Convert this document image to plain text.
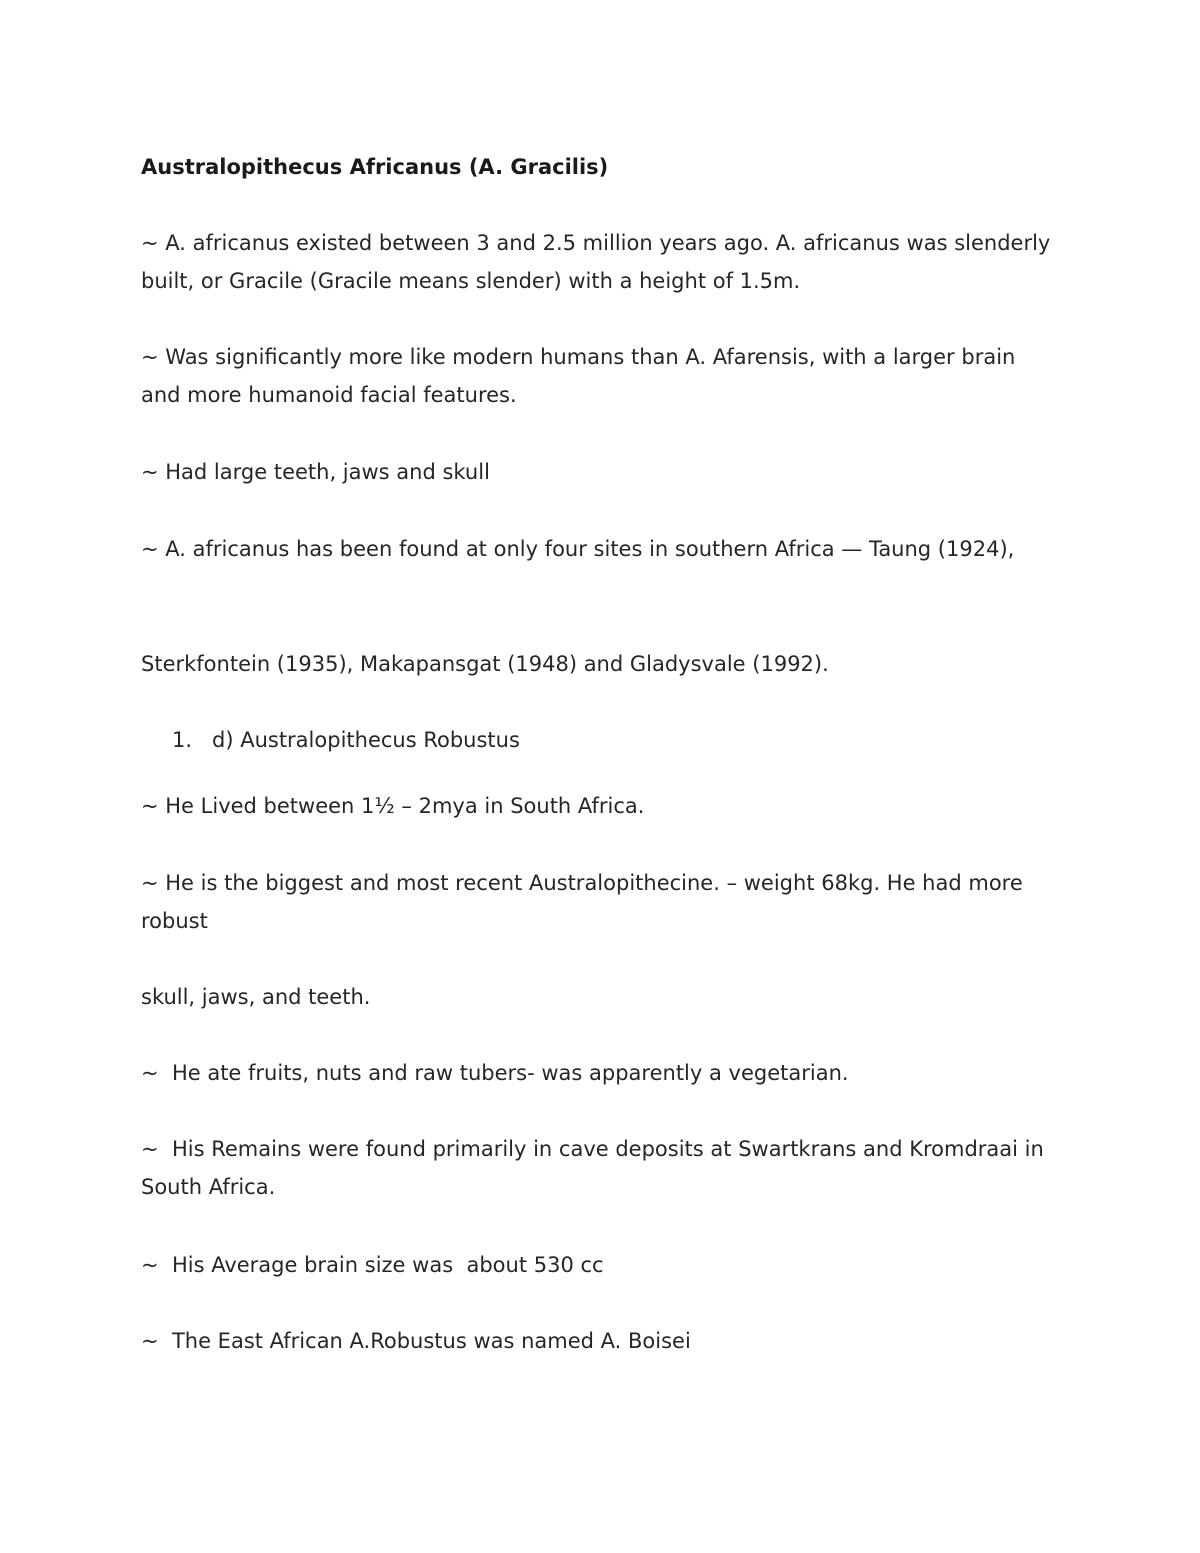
Australopithecus Africanus (A. Gracilis)

~ A. africanus existed between 3 and 2.5 million years ago. A. africanus was slenderly built, or Gracile (Gracile means slender) with a height of 1.5m.

~ Was significantly more like modern humans than A. Afarensis, with a larger brain and more humanoid facial features.

~ Had large teeth, jaws and skull

~ A. africanus has been found at only four sites in southern Africa — Taung (1924),

Sterkfontein (1935), Makapansgat (1948) and Gladysvale (1992).

1. d) Australopithecus Robustus

~ He Lived between 1½ – 2mya in South Africa.

~ He is the biggest and most recent Australopithecine. – weight 68kg. He had more robust

skull, jaws, and teeth.

~  He ate fruits, nuts and raw tubers- was apparently a vegetarian.

~  His Remains were found primarily in cave deposits at Swartkrans and Kromdraai in South Africa.

~  His Average brain size was  about 530 cc

~  The East African A.Robustus was named A. Boisei
